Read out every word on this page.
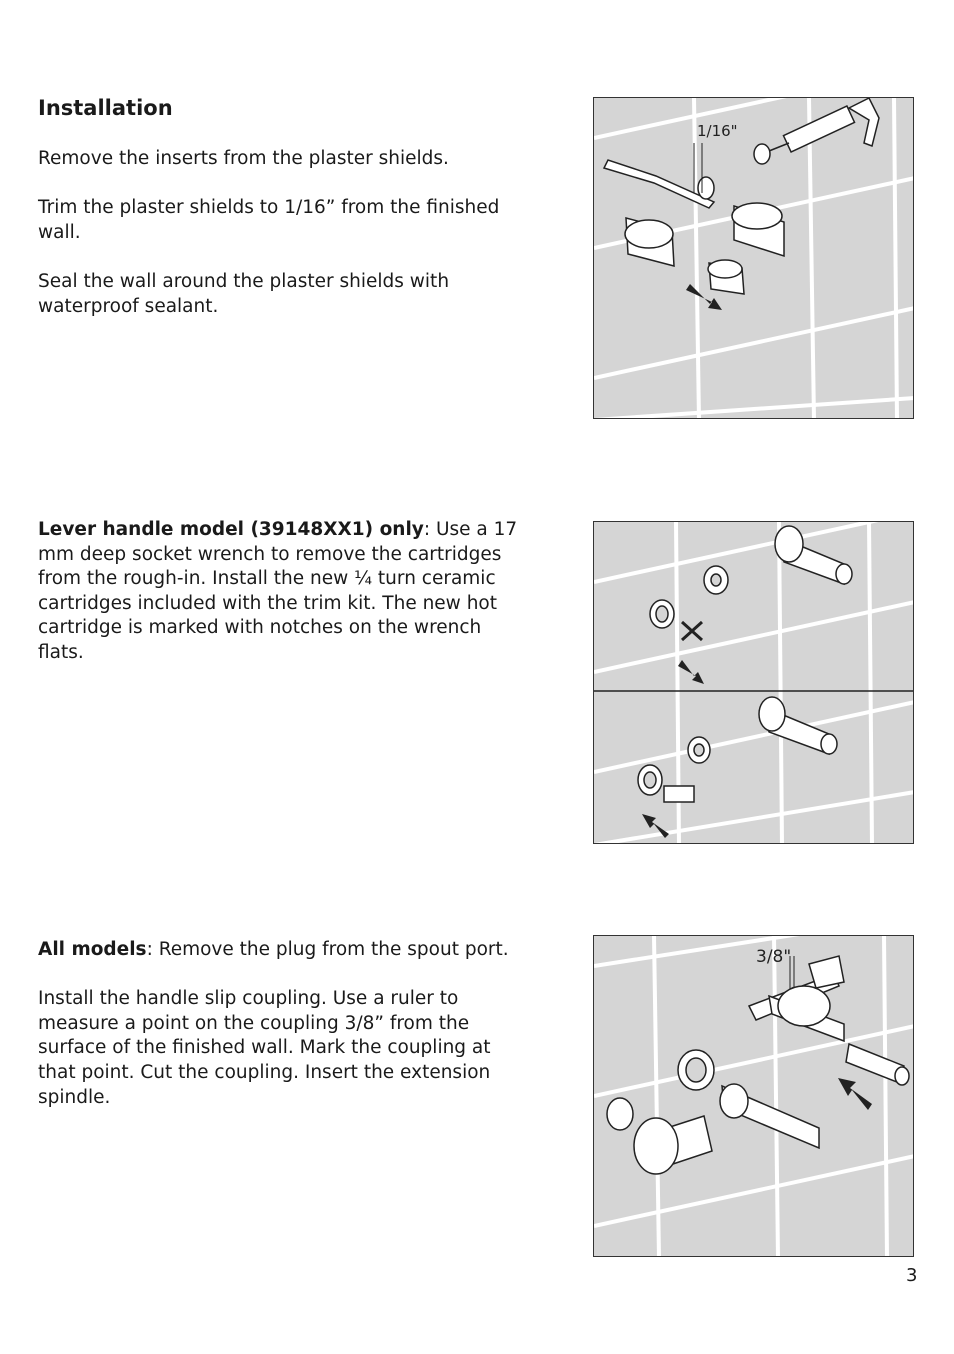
Installation

Remove the inserts from the plaster shields.

Trim the plaster shields to 1/16” from the finished wall.

Seal the wall around the plaster shields with waterproof sealant.

1/16"

Lever handle model (39148XX1) only: Use a 17 mm deep socket wrench to remove the cartridges from the rough-in. Install the new ¼ turn ceramic cartridges included with the trim kit. The new hot cartridge is marked with notches on the wrench flats.

All models: Remove the plug from the spout port.

Install the handle slip coupling. Use a ruler to measure a point on the coupling 3/8” from the surface of the finished wall. Mark the coupling at that point. Cut the coupling. Insert the extension spindle.

3/8"
3
